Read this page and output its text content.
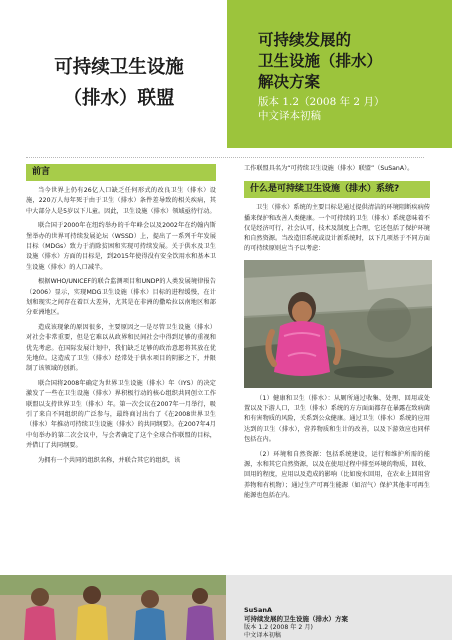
可持续卫生设施
（排水）联盟
可持续发展的
卫生设施（排水）
解决方案

版本 1.2（2008 年 2 月）

中文译本初稿

前言

当今世界上仍有26亿人口缺乏任何形式的改良卫生（排水）设施，220万人每年死于由于卫生（排水）条件差导致的相关疾病，其中大部分人是5岁以下儿童。因此，卫生设施（排水）领域亟待行动。

联合国于2000年在纽约举办的千年峰会以及2002年在约翰内斯堡举办的世界可持续发展论坛（WSSD）上，提出了一系列千年发展目标（MDGs）致力于消除贫困和实现可持续发展。关于供水及卫生设施（排水）方面的目标是，到2015年使得没有安全饮用水和基本卫生设施（排水）的人口减半。

根据WHO/UNICEF的联合监测项目和UNDP的人类发展境律报告（2006）显示，实现MDG卫生设施（排水）目标的进程缓慢，在计划和现实之间存在着巨大差异，尤其是在非洲的撒哈拉以南地区和部分亚洲地区。

造成该现象的原因很多，主要原因之一是尽管卫生设施（排水）对社会非常重要，但是它难以从政界和民间社会中得到足够的重视和优先考虑。在国际发展计划中，我们缺乏足够的政治意愿将其放在优先地位。这造成了卫生（排水）经常处于供水项目的阴影之下，并限制了该领域的创新。

联合国将2008年确定为世界卫生设施（排水）年（IYS）的决定激发了一些在卫生设施（排水）界积极行动的核心组织共同创立工作联盟以支持世界卫生（排水）年。第一次会议在2007年一月举行，吸引了来自不同组织的广泛参与，最终商讨出台了《在2008世界卫生（排水）年推动可持续卫生设施（排水）的共同纲要》。在2007年4月中旬举办的第二次会议中，与会者确定了这个全球合作联盟的目标，并借订了共同纲要。

为拥有一个共同的组织名称，并联合其它的组织，该

工作联盟具名为“可持续卫生设施（排水）联盟”（SuSanA）。

什么是可持续卫生设施（排水）系统?

卫生（排水）系统的主要目标是通过提供清洁的环境阻断疾病传播来保护和改善人类健康。一个可持续的卫生（排水）系统意味着不仅是经济可行，社会认可，技术及制度上合理，它还包括了保护环境和自然资源。当改造旧系统或设计新系统时，以下几项基于不同方面的可持续原则应当予以考虑：

（1）健康和卫生（排水）：从厕所通过收集、处理、回用或处置以及下游人口，卫生（排水）系统的方方面面都存在暴露在致病菌和有害物质的风险，关系到公众健康。通过卫生（排水）系统的应用达到的卫生（排水），营养物质和生计的改善，以及下游效应也同样包括在内。

（2）环境和自然资源：包括系统建设，运行和维护所需的能源，水和其它自然资源，以及在使用过程中排至环境的物质，回收、回用的程度，应用以及造成的影响（比如废水回用，在农业上回用营养物和有机物）；通过生产可再生能源（如沼气）保护其他非可再生能源也包括在内。

SuSanA

可持续发展的卫生设施（排水）方案

版本 1.2 (2008 年 2 月)

中文译本初稿
